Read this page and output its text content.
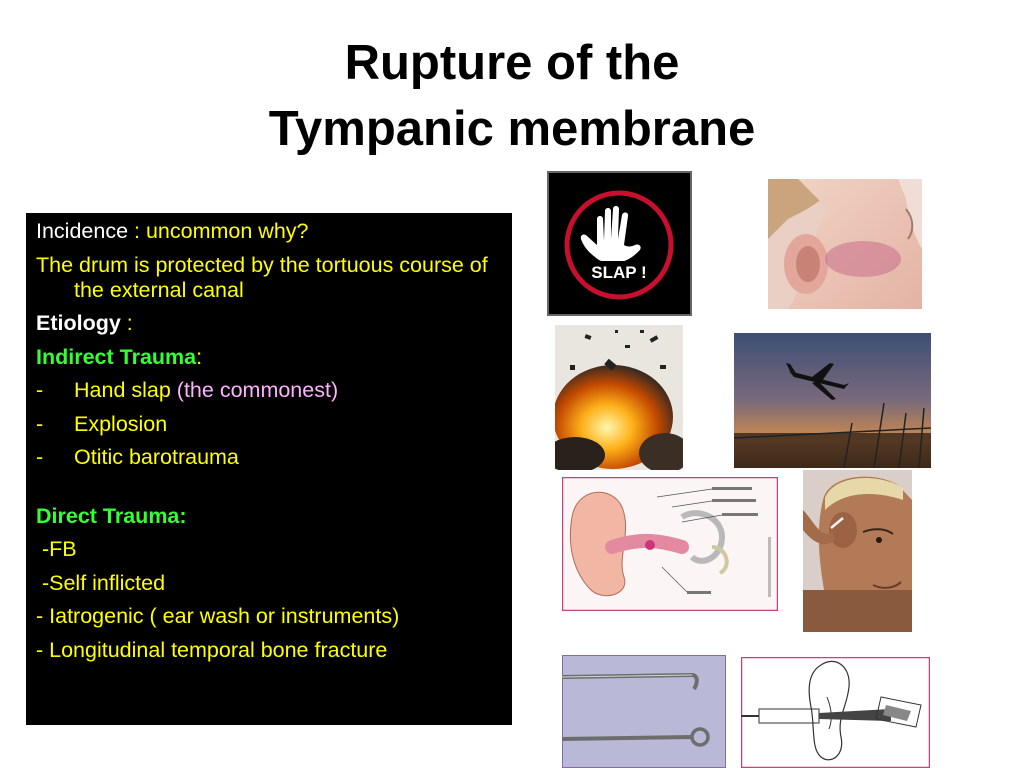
Rupture of the
Tympanic membrane
Incidence : uncommon why?
The drum is protected by the tortuous course of the external canal
Etiology :
Indirect Trauma:
- Hand slap (the commonest)
- Explosion
- Otitic barotrauma
Direct Trauma:
-FB
-Self inflicted
- Iatrogenic ( ear wash or instruments)
- Longitudinal temporal bone fracture
SLAP !
